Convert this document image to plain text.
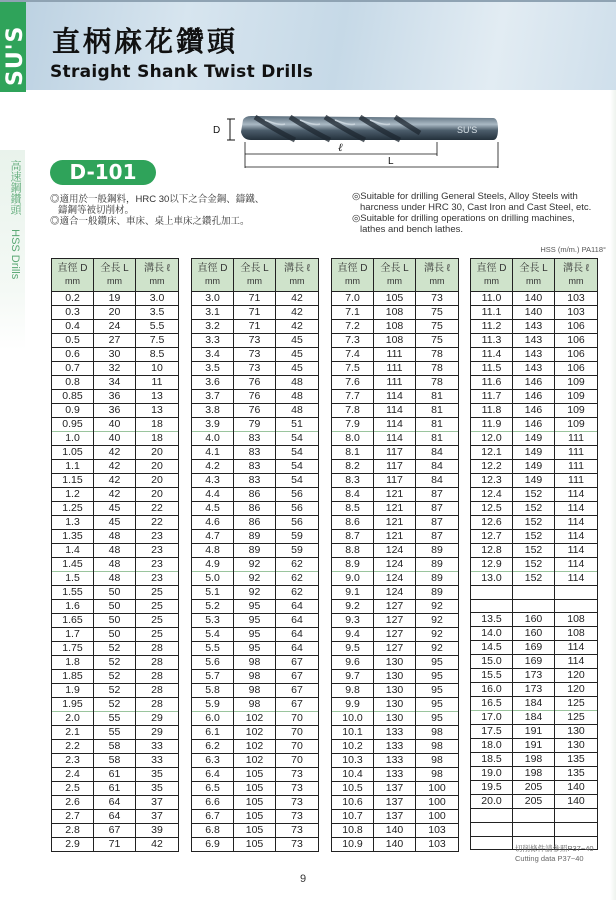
SU'S 直柄麻花鑽頭
Straight Shank Twist Drills
高速鋼鑽頭  HSS Drills
SU'S
D
ℓ
L
D-101
◎適用於一般鋼料，HRC 30以下之合金鋼、鑄鐵、
鑄鋼等被切削材。
◎適合一般鑽床、車床、桌上車床之鑽孔加工。
◎Suitable for drilling General Steels, Alloy Steels with
harcness under HRC 30, Cast Iron and Cast Steel, etc.
◎Suitable for drilling operations on drilling machines,
lathes and bench lathes.
HSS (m/m.) PA118°
直徑 D
mm

全長 L
mm

溝長 ℓ
mm

0.2	19	3.0
0.3	20	3.5
0.4	24	5.5
0.5	27	7.5
0.6	30	8.5
0.7	32	10
0.8	34	11
0.85	36	13
0.9	36	13
0.95	40	18
1.0	40	18
1.05	42	20
1.1	42	20
1.15	42	20
1.2	42	20
1.25	45	22
1.3	45	22
1.35	48	23
1.4	48	23
1.45	48	23
1.5	48	23
1.55	50	25
1.6	50	25
1.65	50	25
1.7	50	25
1.75	52	28
1.8	52	28
1.85	52	28
1.9	52	28
1.95	52	28
2.0	55	29
2.1	55	29
2.2	58	33
2.3	58	33
2.4	61	35
2.5	61	35
2.6	64	37
2.7	64	37
2.8	67	39
2.9	71	42
直徑 D
mm

全長 L
mm

溝長 ℓ
mm

3.0	71	42
3.1	71	42
3.2	71	42
3.3	73	45
3.4	73	45
3.5	73	45
3.6	76	48
3.7	76	48
3.8	76	48
3.9	79	51
4.0	83	54
4.1	83	54
4.2	83	54
4.3	83	54
4.4	86	56
4.5	86	56
4.6	86	56
4.7	89	59
4.8	89	59
4.9	92	62
5.0	92	62
5.1	92	62
5.2	95	64
5.3	95	64
5.4	95	64
5.5	95	64
5.6	98	67
5.7	98	67
5.8	98	67
5.9	98	67
6.0	102	70
6.1	102	70
6.2	102	70
6.3	102	70
6.4	105	73
6.5	105	73
6.6	105	73
6.7	105	73
6.8	105	73
6.9	105	73
直徑 D
mm

全長 L
mm

溝長 ℓ
mm

7.0	105	73
7.1	108	75
7.2	108	75
7.3	108	75
7.4	111	78
7.5	111	78
7.6	111	78
7.7	114	81
7.8	114	81
7.9	114	81
8.0	114	81
8.1	117	84
8.2	117	84
8.3	117	84
8.4	121	87
8.5	121	87
8.6	121	87
8.7	121	87
8.8	124	89
8.9	124	89
9.0	124	89
9.1	124	89
9.2	127	92
9.3	127	92
9.4	127	92
9.5	127	92
9.6	130	95
9.7	130	95
9.8	130	95
9.9	130	95
10.0	130	95
10.1	133	98
10.2	133	98
10.3	133	98
10.4	133	98
10.5	137	100
10.6	137	100
10.7	137	100
10.8	140	103
10.9	140	103
直徑 D
mm

全長 L
mm

溝長 ℓ
mm

11.0	140	103
11.1	140	103
11.2	143	106
11.3	143	106
11.4	143	106
11.5	143	106
11.6	146	109
11.7	146	109
11.8	146	109
11.9	146	109
12.0	149	111
12.1	149	111
12.2	149	111
12.3	149	111
12.4	152	114
12.5	152	114
12.6	152	114
12.7	152	114
12.8	152	114
12.9	152	114
13.0	152	114

13.5	160	108
14.0	160	108
14.5	169	114
15.0	169	114
15.5	173	120
16.0	173	120
16.5	184	125
17.0	184	125
17.5	191	130
18.0	191	130
18.5	198	135
19.0	198	135
19.5	205	140
20.0	205	140

切削條件請參照P37~40
Cutting data P37~40
9
